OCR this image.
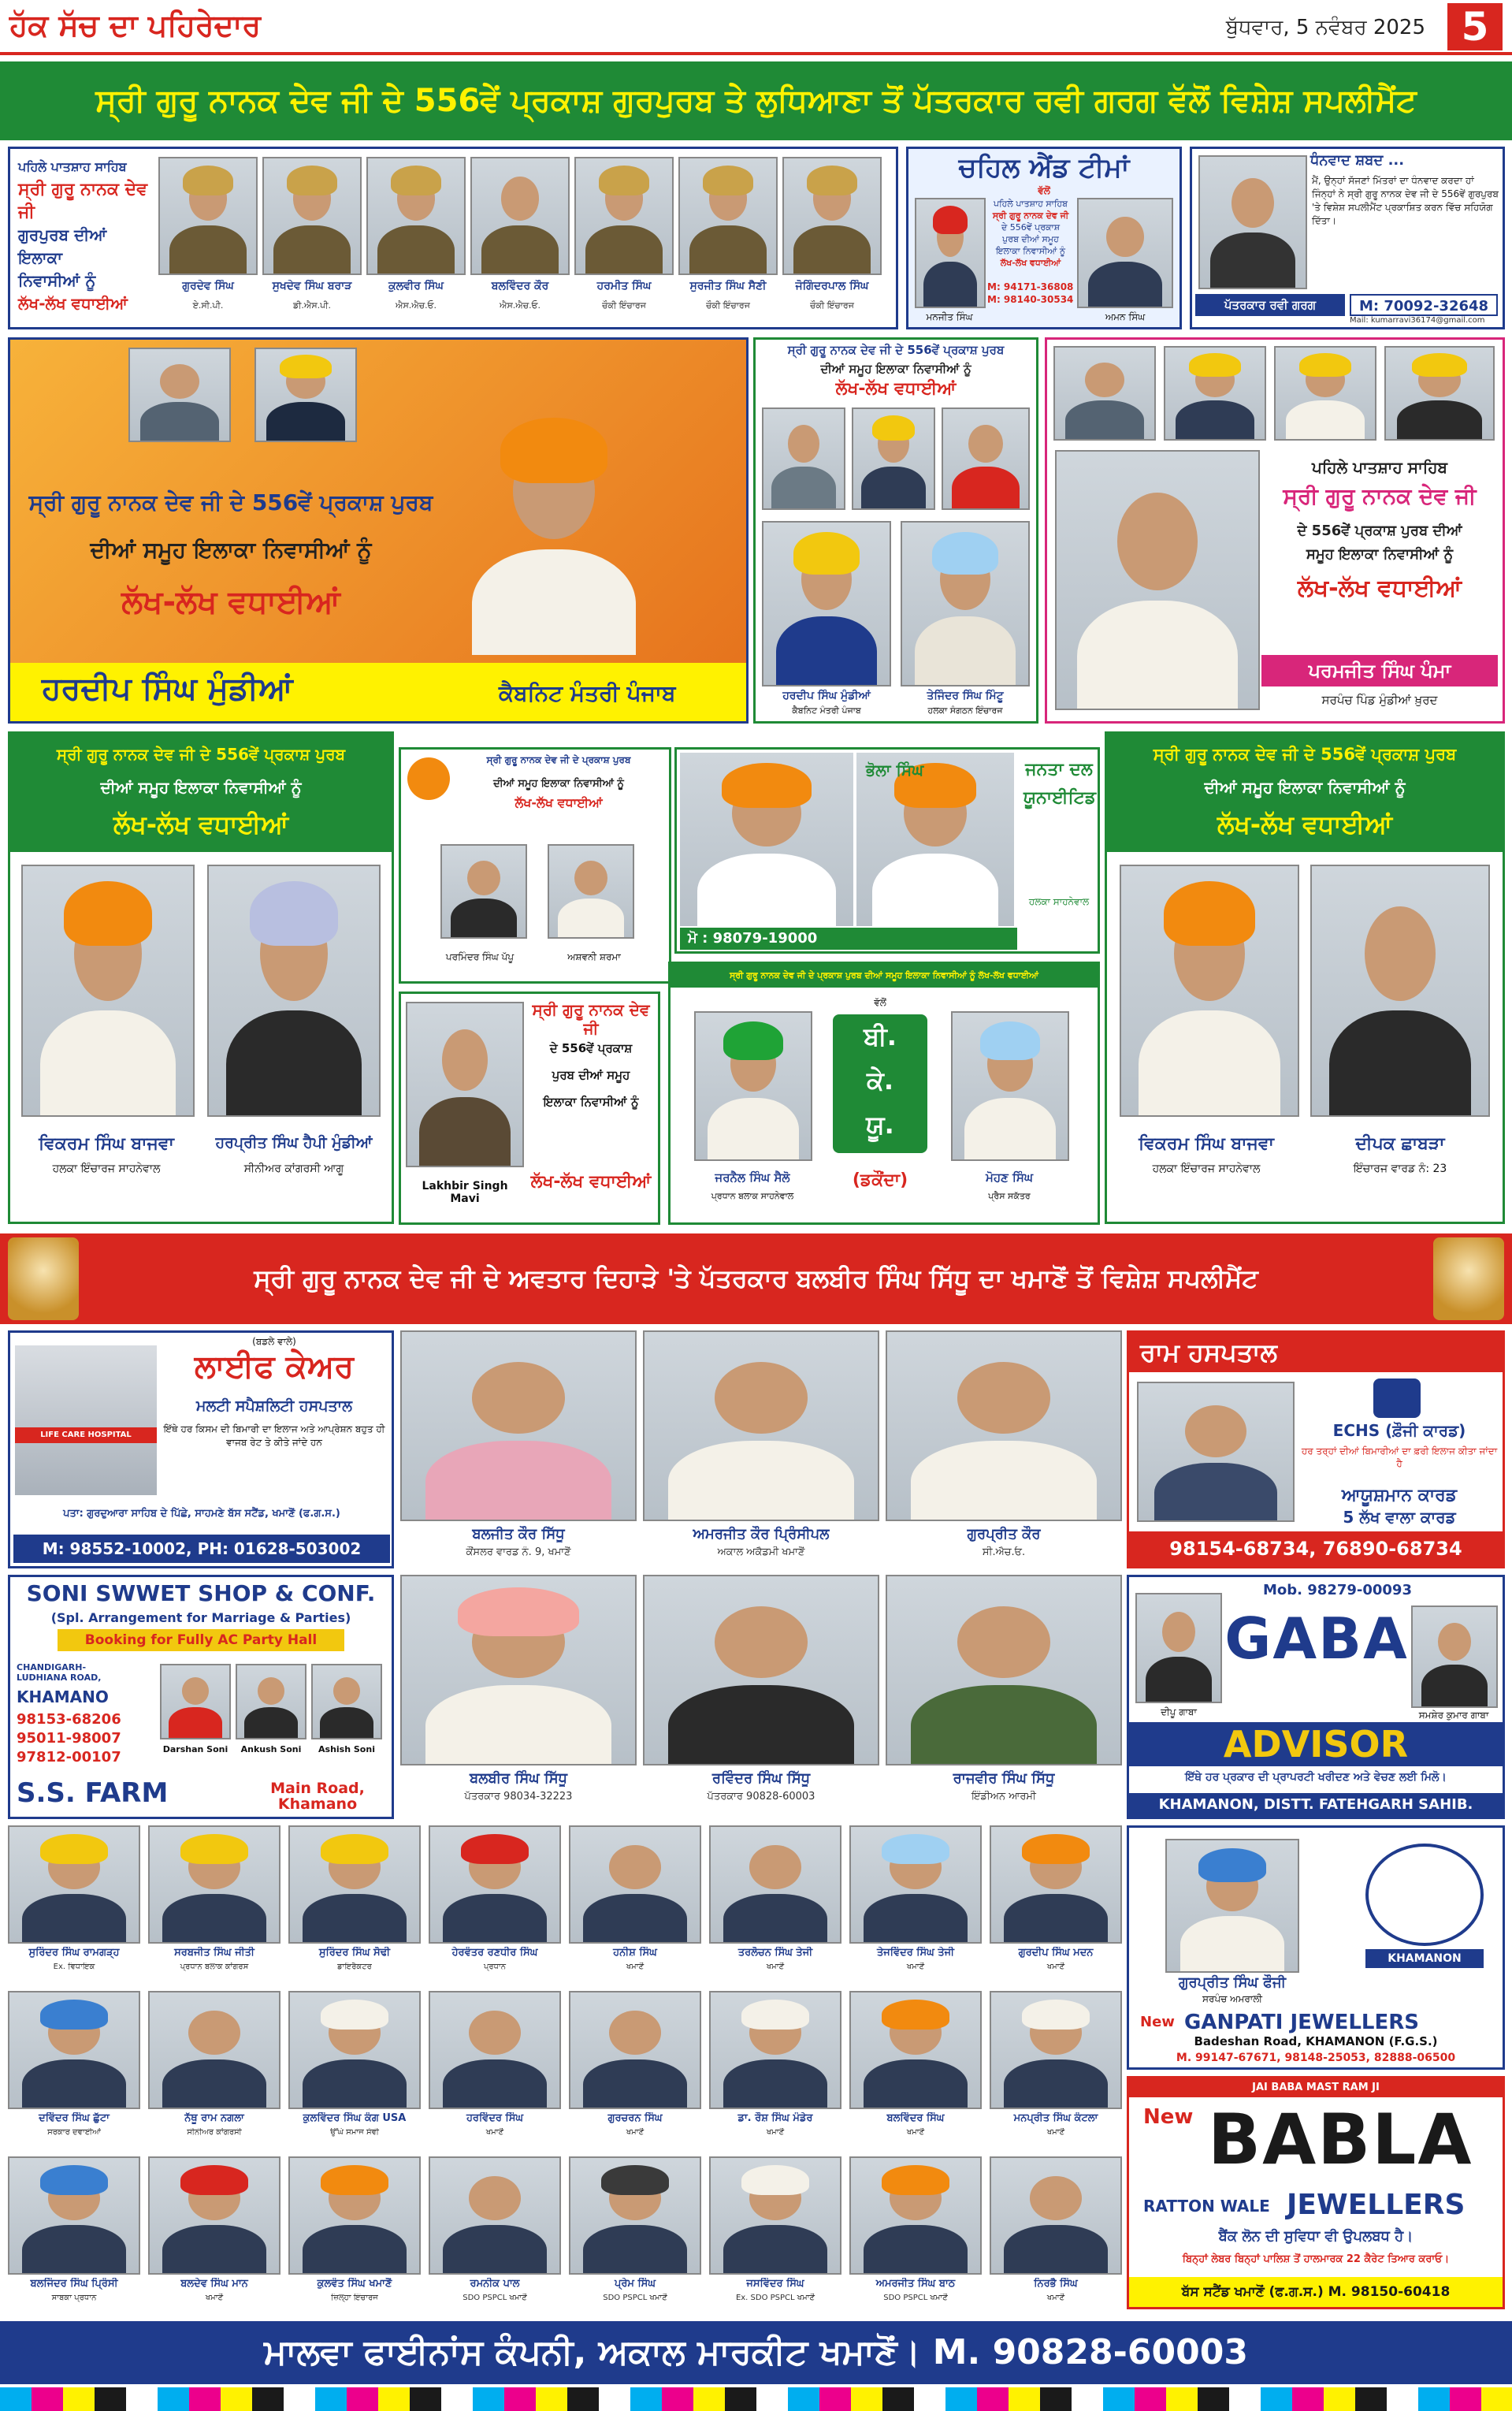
ਹੱਕ ਸੱਚ ਦਾ ਪਹਿਰੇਦਾਰ	ਬੁੱਧਵਾਰ, 5 ਨਵੰਬਰ 2025 5
ਸ੍ਰੀ ਗੁਰੂ ਨਾਨਕ ਦੇਵ ਜੀ ਦੇ 556ਵੇਂ ਪ੍ਰਕਾਸ਼ ਗੁਰਪੁਰਬ ਤੇ ਲੁਧਿਆਣਾ ਤੋਂ ਪੱਤਰਕਾਰ ਰਵੀ ਗਰਗ ਵੱਲੋਂ ਵਿਸ਼ੇਸ਼ ਸਪਲੀਮੈਂਟ
ਪਹਿਲੇ ਪਾਤਸ਼ਾਹ ਸਾਹਿਬ
ਸ੍ਰੀ ਗੁਰੂ ਨਾਨਕ ਦੇਵ ਜੀ
ਗੁਰਪੁਰਬ ਦੀਆਂ ਇਲਾਕਾ
ਨਿਵਾਸੀਆਂ ਨੂੰ
ਲੱਖ-ਲੱਖ ਵਧਾਈਆਂ
ਗੁਰਦੇਵ ਸਿੰਘ
ਏ.ਸੀ.ਪੀ.
ਸੁਖਦੇਵ ਸਿੰਘ ਬਰਾੜ
ਡੀ.ਐਸ.ਪੀ.
ਕੁਲਵੀਰ ਸਿੰਘ
ਐਸ.ਐਚ.ਓ.
ਬਲਵਿੰਦਰ ਕੌਰ
ਐਸ.ਐਚ.ਓ.
ਹਰਮੀਤ ਸਿੰਘ
ਚੌਕੀ ਇੰਚਾਰਜ
ਸੁਰਜੀਤ ਸਿੰਘ ਸੈਣੀ
ਚੌਕੀ ਇੰਚਾਰਜ
ਜੋਗਿੰਦਰਪਾਲ ਸਿੰਘ
ਚੌਕੀ ਇੰਚਾਰਜ
ਚਹਿਲ ਐਂਡ ਟੀਮਾਂ
ਵੱਲੋਂ
ਪਹਿਲੇ ਪਾਤਸ਼ਾਹ ਸਾਹਿਬ
ਸ੍ਰੀ ਗੁਰੂ ਨਾਨਕ ਦੇਵ ਜੀ
ਦੇ 556ਵੇਂ ਪ੍ਰਕਾਸ਼
ਪੁਰਬ ਦੀਆਂ ਸਮੂਹ
ਇਲਾਕਾ ਨਿਵਾਸੀਆਂ ਨੂੰ
ਲੱਖ-ਲੱਖ ਵਧਾਈਆਂ
M: 94171-36808
M: 98140-30534
ਮਨਜੀਤ ਸਿੰਘ	ਅਮਨ ਸਿੰਘ
ਧੰਨਵਾਦ ਸ਼ਬਦ ...
ਮੈਂ, ਉਨ੍ਹਾਂ ਸੱਜਣਾਂ ਮਿੱਤਰਾਂ ਦਾ ਧੰਨਵਾਦ ਕਰਦਾ ਹਾਂ ਜਿੰਨ੍ਹਾਂ ਨੇ ਸ੍ਰੀ ਗੁਰੂ ਨਾਨਕ ਦੇਵ ਜੀ ਦੇ 556ਵੇਂ ਗੁਰਪੁਰਬ 'ਤੇ ਵਿਸ਼ੇਸ਼ ਸਪਲੀਮੈਂਟ ਪ੍ਰਕਾਸ਼ਿਤ ਕਰਨ ਵਿੱਚ ਸਹਿਯੋਗ ਦਿੱਤਾ।
ਪੱਤਰਕਾਰ ਰਵੀ ਗਰਗ	M: 70092-32648
Mail: kumarravi36174@gmail.com
ਸ੍ਰੀ ਗੁਰੂ ਨਾਨਕ ਦੇਵ ਜੀ ਦੇ 556ਵੇਂ ਪ੍ਰਕਾਸ਼ ਪੁਰਬ
ਦੀਆਂ ਸਮੂਹ ਇਲਾਕਾ ਨਿਵਾਸੀਆਂ ਨੂੰ
ਲੱਖ-ਲੱਖ ਵਧਾਈਆਂ
ਹਰਦੀਪ ਸਿੰਘ ਮੁੰਡੀਆਂ	ਕੈਬਨਿਟ ਮੰਤਰੀ ਪੰਜਾਬ
ਸ੍ਰੀ ਗੁਰੂ ਨਾਨਕ ਦੇਵ ਜੀ ਦੇ 556ਵੇਂ ਪ੍ਰਕਾਸ਼ ਪੁਰਬ
ਦੀਆਂ ਸਮੂਹ ਇਲਾਕਾ ਨਿਵਾਸੀਆਂ ਨੂੰ
ਲੱਖ-ਲੱਖ ਵਧਾਈਆਂ
ਹਰਦੀਪ ਸਿੰਘ ਮੁੰਡੀਆਂ
ਕੈਬਨਿਟ ਮੰਤਰੀ ਪੰਜਾਬ
ਤੇਜਿੰਦਰ ਸਿੰਘ ਮਿੰਟੂ
ਹਲਕਾ ਸੰਗਠਨ ਇੰਚਾਰਜ
ਪਹਿਲੇ ਪਾਤਸ਼ਾਹ ਸਾਹਿਬ
ਸ੍ਰੀ ਗੁਰੂ ਨਾਨਕ ਦੇਵ ਜੀ
ਦੇ 556ਵੇਂ ਪ੍ਰਕਾਸ਼ ਪੁਰਬ ਦੀਆਂ
ਸਮੂਹ ਇਲਾਕਾ ਨਿਵਾਸੀਆਂ ਨੂੰ
ਲੱਖ-ਲੱਖ ਵਧਾਈਆਂ
ਪਰਮਜੀਤ ਸਿੰਘ ਪੰਮਾ
ਸਰਪੰਚ ਪਿੰਡ ਮੁੰਡੀਆਂ ਖ਼ੁਰਦ
ਸ੍ਰੀ ਗੁਰੂ ਨਾਨਕ ਦੇਵ ਜੀ ਦੇ 556ਵੇਂ ਪ੍ਰਕਾਸ਼ ਪੁਰਬ
ਦੀਆਂ ਸਮੂਹ ਇਲਾਕਾ ਨਿਵਾਸੀਆਂ ਨੂੰ
ਲੱਖ-ਲੱਖ ਵਧਾਈਆਂ
ਵਿਕਰਮ ਸਿੰਘ ਬਾਜਵਾ
ਹਲਕਾ ਇੰਚਾਰਜ ਸਾਹਨੇਵਾਲ
ਹਰਪ੍ਰੀਤ ਸਿੰਘ ਹੈਪੀ ਮੁੰਡੀਆਂ
ਸੀਨੀਅਰ ਕਾਂਗਰਸੀ ਆਗੂ
ਸ੍ਰੀ ਗੁਰੂ ਨਾਨਕ ਦੇਵ ਜੀ ਦੇ ਪ੍ਰਕਾਸ਼ ਪੁਰਬ
ਦੀਆਂ ਸਮੂਹ ਇਲਾਕਾ ਨਿਵਾਸੀਆਂ ਨੂੰ
ਲੱਖ-ਲੱਖ ਵਧਾਈਆਂ
ਪਰਮਿੰਦਰ ਸਿੰਘ ਪੱਪੂ	ਅਸ਼ਵਨੀ ਸ਼ਰਮਾ
ਭੋਲਾ ਸਿੰਘ	ਜਨਤਾ ਦਲ ਯੂਨਾਈਟਿਡ
ਹਲਕਾ ਸਾਹਨੇਵਾਲ
ਮੋ : 98079-19000
ਸ੍ਰੀ ਗੁਰੂ ਨਾਨਕ ਦੇਵ ਜੀ ਦੇ 556ਵੇਂ ਪ੍ਰਕਾਸ਼ ਪੁਰਬ
ਦੀਆਂ ਸਮੂਹ ਇਲਾਕਾ ਨਿਵਾਸੀਆਂ ਨੂੰ
ਲੱਖ-ਲੱਖ ਵਧਾਈਆਂ
ਵਿਕਰਮ ਸਿੰਘ ਬਾਜਵਾ
ਹਲਕਾ ਇੰਚਾਰਜ ਸਾਹਨੇਵਾਲ
ਦੀਪਕ ਛਾਬੜਾ
ਇੰਚਾਰਜ ਵਾਰਡ ਨੰ: 23
Lakhbir Singh Mavi
ਸ੍ਰੀ ਗੁਰੂ ਨਾਨਕ ਦੇਵ ਜੀ
ਦੇ 556ਵੇਂ ਪ੍ਰਕਾਸ਼
ਪੁਰਬ ਦੀਆਂ ਸਮੂਹ
ਇਲਾਕਾ ਨਿਵਾਸੀਆਂ ਨੂੰ
ਲੱਖ-ਲੱਖ ਵਧਾਈਆਂ
ਸ੍ਰੀ ਗੁਰੂ ਨਾਨਕ ਦੇਵ ਜੀ ਦੇ ਪ੍ਰਕਾਸ਼ ਪੁਰਬ ਦੀਆਂ ਸਮੂਹ ਇਲਾਕਾ ਨਿਵਾਸੀਆਂ ਨੂੰ ਲੱਖ-ਲੱਖ ਵਧਾਈਆਂ
ਵੱਲੋਂ
ਬੀ.
ਕੇ.
ਯੂ.
(ਡਕੌਂਦਾ)
ਜਰਨੈਲ ਸਿੰਘ ਸੈਲੋ
ਪ੍ਰਧਾਨ ਬਲਾਕ ਸਾਹਨੇਵਾਲ
ਮੋਹਣ ਸਿੰਘ
ਪ੍ਰੈਸ ਸਕੱਤਰ
ਸ੍ਰੀ ਗੁਰੂ ਨਾਨਕ ਦੇਵ ਜੀ ਦੇ ਅਵਤਾਰ ਦਿਹਾੜੇ 'ਤੇ ਪੱਤਰਕਾਰ ਬਲਬੀਰ ਸਿੰਘ ਸਿੱਧੂ ਦਾ ਖਮਾਣੋਂ ਤੋਂ ਵਿਸ਼ੇਸ਼ ਸਪਲੀਮੈਂਟ
LIFE CARE HOSPITAL
(ਬਡਲੇ ਵਾਲੇ)
ਲਾਈਫ ਕੇਅਰ
ਮਲਟੀ ਸਪੈਸ਼ਲਿਟੀ ਹਸਪਤਾਲ
ਇੱਥੇ ਹਰ ਕਿਸਮ ਦੀ ਬਿਮਾਰੀ ਦਾ ਇਲਾਜ ਅਤੇ ਆਪ੍ਰੇਸ਼ਨ ਬਹੁਤ ਹੀ ਵਾਜਬ ਰੇਟ ਤੇ ਕੀਤੇ ਜਾਂਦੇ ਹਨ
ਪਤਾ: ਗੁਰਦੁਆਰਾ ਸਾਹਿਬ ਦੇ ਪਿੱਛੇ, ਸਾਹਮਣੇ ਬੱਸ ਸਟੈਂਡ, ਖਮਾਣੋਂ (ਫ.ਗ.ਸ.)
M: 98552-10002, PH: 01628-503002
ਬਲਜੀਤ ਕੌਰ ਸਿੱਧੂ
ਕੌਂਸਲਰ ਵਾਰਡ ਨੰ. 9, ਖਮਾਣੋਂ
ਅਮਰਜੀਤ ਕੌਰ ਪ੍ਰਿੰਸੀਪਲ
ਅਕਾਲ ਅਕੈਡਮੀ ਖਮਾਣੋਂ
ਗੁਰਪ੍ਰੀਤ ਕੌਰ
ਸੀ.ਐਚ.ਓ.
ਬਲਬੀਰ ਸਿੰਘ ਸਿੱਧੂ
ਪੱਤਰਕਾਰ 98034-32223
ਰਵਿੰਦਰ ਸਿੰਘ ਸਿੱਧੂ
ਪੱਤਰਕਾਰ 90828-60003
ਰਾਜਵੀਰ ਸਿੰਘ ਸਿੱਧੂ
ਇੰਡੀਅਨ ਆਰਮੀ
ਰਾਮ ਹਸਪਤਾਲ
ECHS (ਫ਼ੌਜੀ ਕਾਰਡ)
ਹਰ ਤਰ੍ਹਾਂ ਦੀਆਂ ਬਿਮਾਰੀਆਂ ਦਾ ਫ਼ਰੀ ਇਲਾਜ ਕੀਤਾ ਜਾਂਦਾ ਹੈ
ਆਯੂਸ਼ਮਾਨ ਕਾਰਡ
5 ਲੱਖ ਵਾਲਾ ਕਾਰਡ
98154-68734, 76890-68734
SONI SWWET SHOP & CONF.
(Spl. Arrangement for Marriage & Parties)
Booking for Fully AC Party Hall
CHANDIGARH-LUDHIANA ROAD,
KHAMANO
98153-68206
95011-98007
97812-00107	Darshan Soni	Ankush Soni	Ashish Soni
S.S. FARM	Main Road, Khamano
Mob. 98279-00093
GABA
ਦੀਪੂ ਗਾਬਾ	ਸਮਸ਼ੇਰ ਕੁਮਾਰ ਗਾਬਾ
ADVISOR
ਇੱਥੇ ਹਰ ਪ੍ਰਕਾਰ ਦੀ ਪ੍ਰਾਪਰਟੀ ਖਰੀਦਣ ਅਤੇ ਵੇਚਣ ਲਈ ਮਿਲੋ।
KHAMANON, DISTT. FATEHGARH SAHIB.
ਸੁਰਿੰਦਰ ਸਿੰਘ ਰਾਮਗੜ੍ਹ
Ex. ਵਿਧਾਇਕ
ਸਰਬਜੀਤ ਸਿੰਘ ਜੀਤੀ
ਪ੍ਰਧਾਨ ਬਲਾਕ ਕਾਂਗਰਸ
ਸੁਰਿੰਦਰ ਸਿੰਘ ਸੋਢੀ
ਡਾਇਰੈਕਟਰ
ਹੇਰਵੰਤਰ ਰਣਧੀਰ ਸਿੰਘ
ਪ੍ਰਧਾਨ
ਹਨੀਸ਼ ਸਿੰਘ
ਖਮਾਣੋਂ
ਤਰਲੋਚਨ ਸਿੰਘ ਤੇਜੀ
ਖਮਾਣੋਂ
ਤੇਜਵਿੰਦਰ ਸਿੰਘ ਤੇਜੀ
ਖਮਾਣੋਂ
ਗੁਰਦੀਪ ਸਿੰਘ ਮਦਨ
ਖਮਾਣੋਂ
ਦਵਿੰਦਰ ਸਿੰਘ ਛੁੱਟਾ
ਸਰਕਾਰ ਦਵਾਈਆਂ
ਨੱਥੂ ਰਾਮ ਨਗਲਾ
ਸੀਨੀਅਰ ਕਾਂਗਰਸੀ
ਕੁਲਵਿੰਦਰ ਸਿੰਘ ਕੰਗ USA
ਉੱਘੇ ਸਮਾਜ ਸੇਵੀ
ਹਰਵਿੰਦਰ ਸਿੰਘ
ਖਮਾਣੋਂ
ਗੁਰਚਰਨ ਸਿੰਘ
ਖਮਾਣੋਂ
ਡਾ. ਰੌਸ਼ ਸਿੰਘ ਮੰਡੇਰ
ਖਮਾਣੋਂ
ਬਲਵਿੰਦਰ ਸਿੰਘ
ਖਮਾਣੋਂ
ਮਨਪ੍ਰੀਤ ਸਿੰਘ ਕੰਟਲਾ
ਖਮਾਣੋਂ
ਬਲਜਿੰਦਰ ਸਿੰਘ ਪ੍ਰਿੰਸੀ
ਸਾਬਕਾ ਪ੍ਰਧਾਨ
ਬਲਦੇਵ ਸਿੰਘ ਮਾਨ
ਖਮਾਣੋਂ
ਕੁਲਵੰਤ ਸਿੰਘ ਖਮਾਣੋਂ
ਜ਼ਿਲ੍ਹਾ ਇੰਚਾਰਜ
ਰਮਨੀਕ ਪਾਲ
SDO PSPCL ਖਮਾਣੋਂ
ਪ੍ਰੇਮ ਸਿੰਘ
SDO PSPCL ਖਮਾਣੋਂ
ਜਸਵਿੰਦਰ ਸਿੰਘ
Ex. SDO PSPCL ਖਮਾਣੋਂ
ਅਮਰਜੀਤ ਸਿੰਘ ਬਾਠ
SDO PSPCL ਖਮਾਣੋਂ
ਨਿਰਭੈ ਸਿੰਘ
ਖਮਾਣੋਂ
ਗੁਰਪ੍ਰੀਤ ਸਿੰਘ ਫੌਜੀ
ਸਰਪੰਚ ਅਮਰਾਲੀ
KHAMANON
New GANPATI JEWELLERS
Badeshan Road, KHAMANON (F.G.S.)
M. 99147-67671, 98148-25053, 82888-06500
JAI BABA MAST RAM JI
New BABLA
RATTON WALE JEWELLERS
ਬੈਂਕ ਲੋਨ ਦੀ ਸੁਵਿਧਾ ਵੀ ਉਪਲਬਧ ਹੈ।
ਬਿਨ੍ਹਾਂ ਲੇਬਰ ਬਿਨ੍ਹਾਂ ਪਾਲਿਸ਼ ਤੋਂ ਹਾਲਮਾਰਕ 22 ਕੈਰੇਟ ਤਿਆਰ ਕਰਾਓ।
ਬੱਸ ਸਟੈਂਡ ਖਮਾਣੋਂ (ਫ.ਗ.ਸ.) M. 98150-60418
ਮਾਲਵਾ ਫਾਈਨਾਂਸ ਕੰਪਨੀ, ਅਕਾਲ ਮਾਰਕੀਟ ਖਮਾਣੋਂ। M. 90828-60003
